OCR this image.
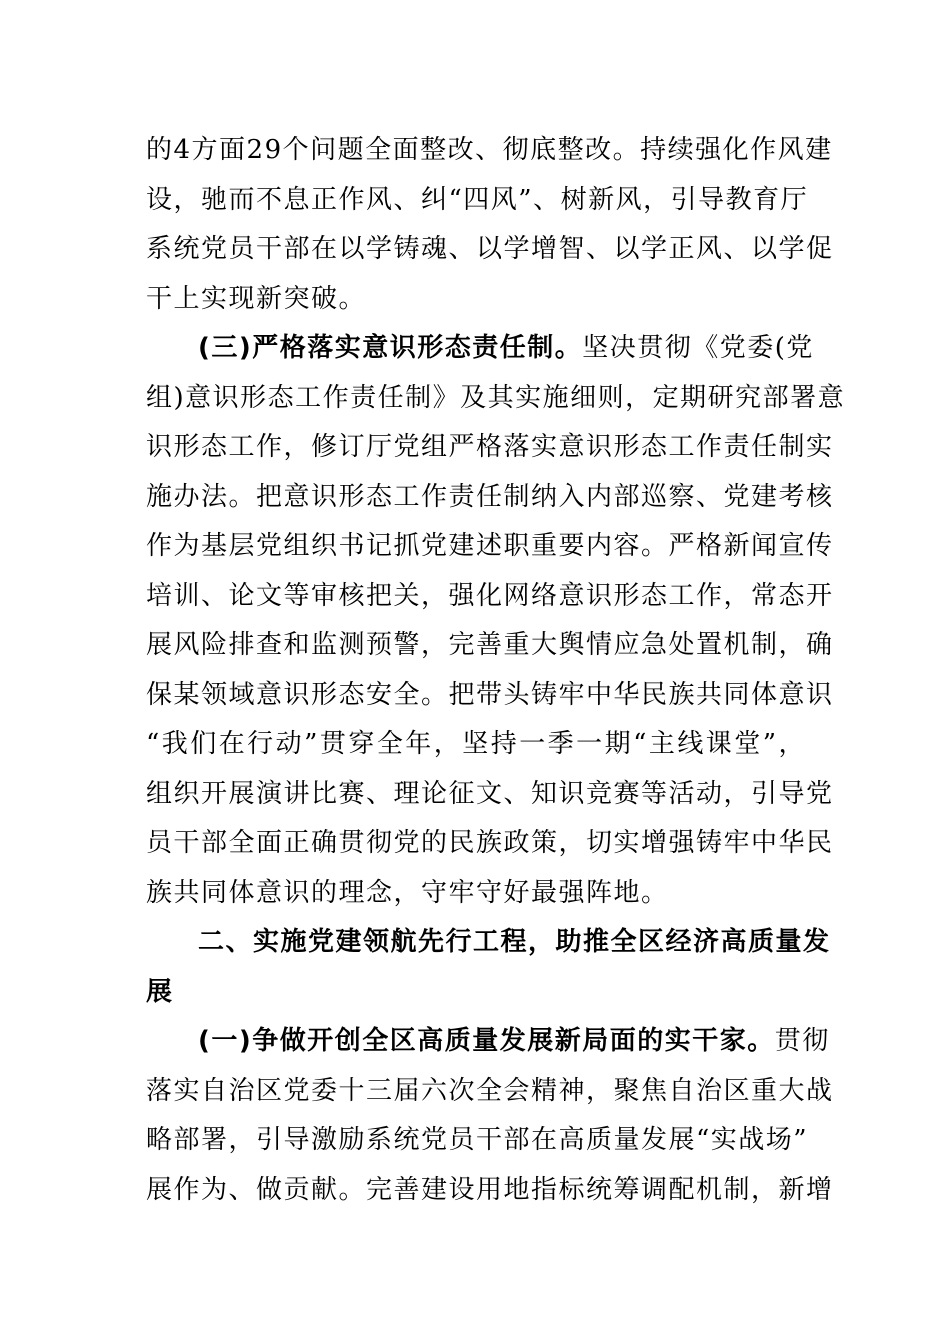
的4方面29个问题全面整改、彻底整改。持续强化作风建
设，驰而不息正作风、纠“四风”、树新风，引导教育厅
系统党员干部在以学铸魂、以学增智、以学正风、以学促
干上实现新突破。
(三)严格落实意识形态责任制。坚决贯彻《党委(党
组)意识形态工作责任制》及其实施细则，定期研究部署意
识形态工作，修订厅党组严格落实意识形态工作责任制实
施办法。把意识形态工作责任制纳入内部巡察、党建考核
作为基层党组织书记抓党建述职重要内容。严格新闻宣传
培训、论文等审核把关，强化网络意识形态工作，常态开
展风险排查和监测预警，完善重大舆情应急处置机制，确
保某领域意识形态安全。把带头铸牢中华民族共同体意识
“我们在行动”贯穿全年，坚持一季一期“主线课堂”，
组织开展演讲比赛、理论征文、知识竞赛等活动，引导党
员干部全面正确贯彻党的民族政策，切实增强铸牢中华民
族共同体意识的理念，守牢守好最强阵地。
二、实施党建领航先行工程，助推全区经济高质量发
展
(一)争做开创全区高质量发展新局面的实干家。贯彻
落实自治区党委十三届六次全会精神，聚焦自治区重大战
略部署，引导激励系统党员干部在高质量发展“实战场”
展作为、做贡献。完善建设用地指标统筹调配机制，新增
